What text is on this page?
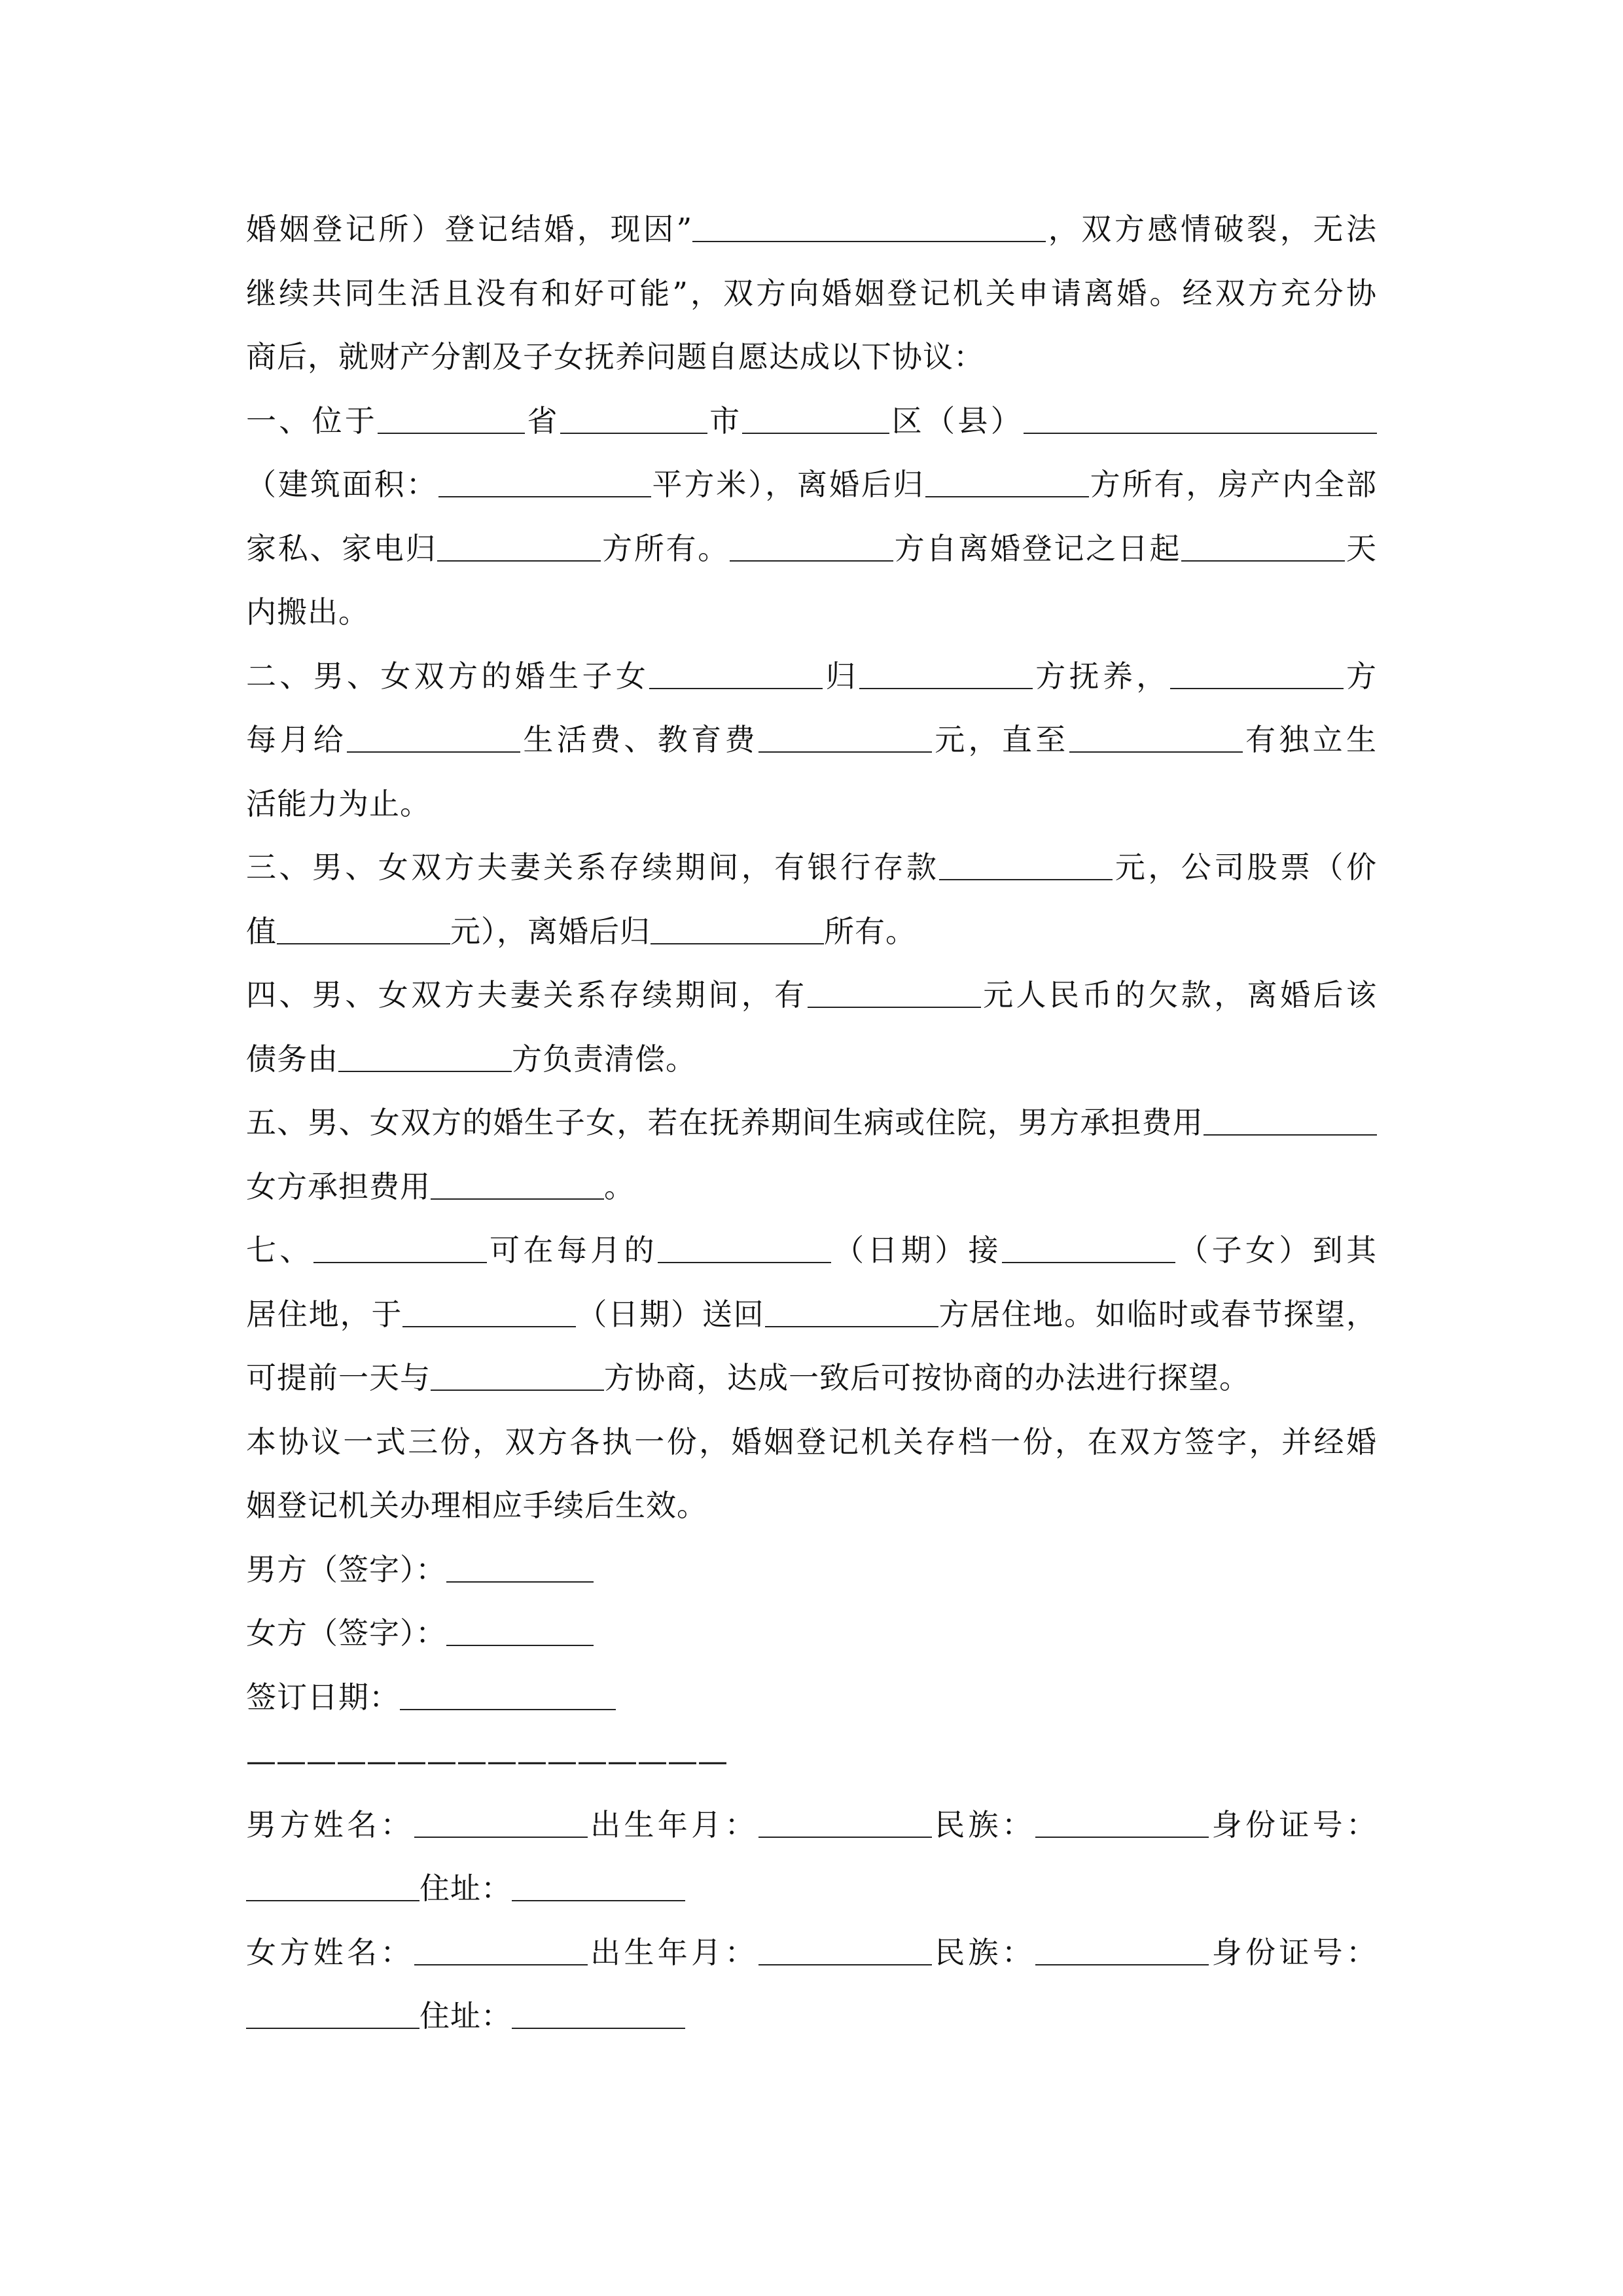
婚姻登记所）登记结婚，现因”	，双方感情破裂，无法
继续共同生活且没有和好可能”，双方向婚姻登记机关申请离婚。经双方充分协
商后，就财产分割及子女抚养问题自愿达成以下协议：
一、位于	省	市	区（县）
（建筑面积：	平方米），离婚后归	方所有，房产内全部
家私、家电归	方所有。	方自离婚登记之日起	天
内搬出。
二、男、女双方的婚生子女	归	方抚养，	方
每月给	生活费、教育费	元，直至	有独立生
活能力为止。
三、男、女双方夫妻关系存续期间，有银行存款	元，公司股票（价
值	元），离婚后归	所有。
四、男、女双方夫妻关系存续期间，有	元人民币的欠款，离婚后该
债务由	方负责清偿。
五、男、女双方的婚生子女，若在抚养期间生病或住院，男方承担费用
女方承担费用	。
七、	可在每月的	（日期）接	（子女）到其
居住地，于	（日期）送回	方居住地。如临时或春节探望，
可提前一天与	方协商，达成一致后可按协商的办法进行探望。
本协议一式三份，双方各执一份，婚姻登记机关存档一份，在双方签字，并经婚
姻登记机关办理相应手续后生效。
男方（签字）：
女方（签字）：
签订日期：
————————————————
男方姓名：	出生年月：	民族：	身份证号：
住址：
女方姓名：	出生年月：	民族：	身份证号：
住址：
